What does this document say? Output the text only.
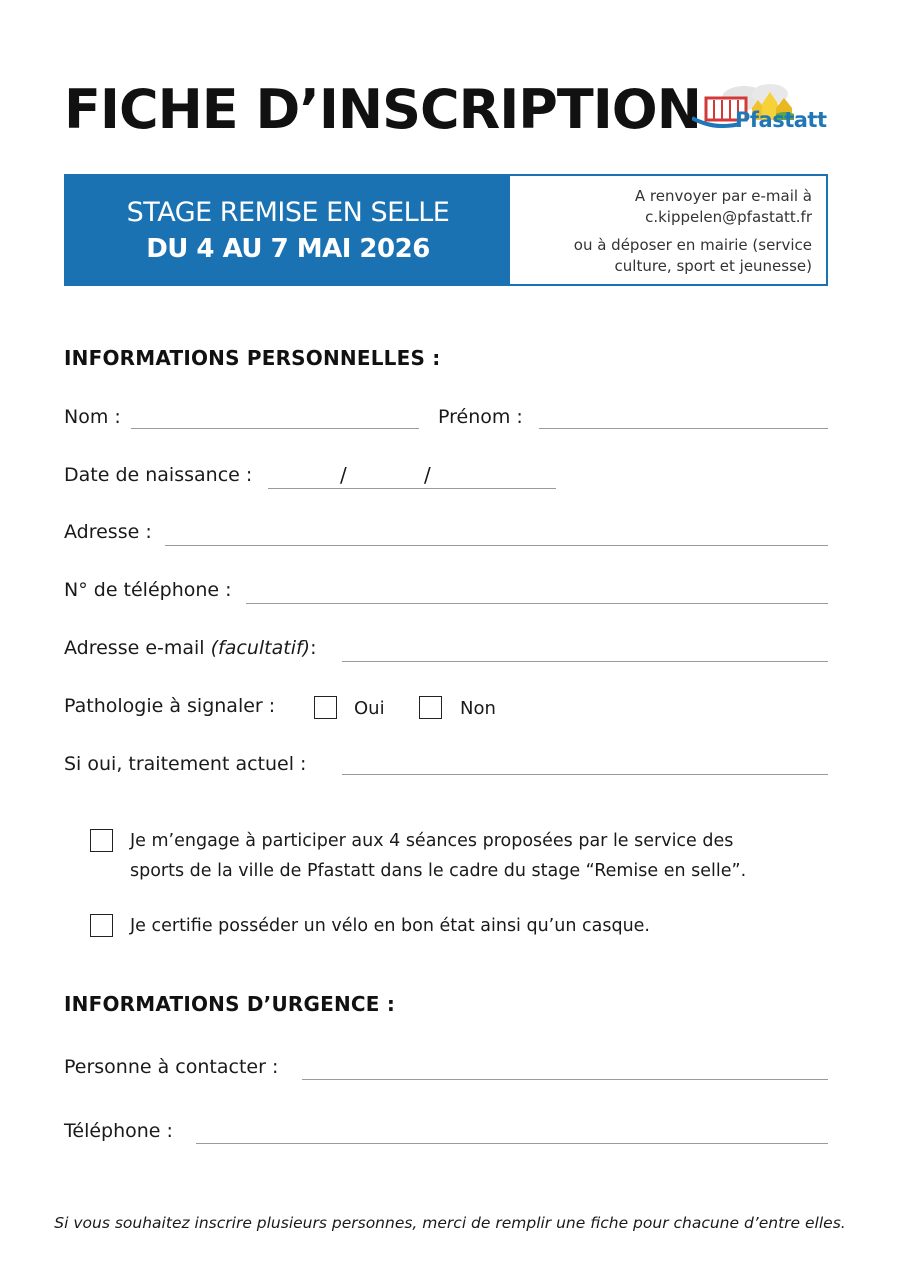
FICHE D’INSCRIPTION Pfastatt
STAGE REMISE EN SELLE
DU 4 AU 7 MAI 2026
A renvoyer par e-mail à
c.kippelen@pfastatt.fr
ou à déposer en mairie (service
culture, sport et jeunesse)
INFORMATIONS PERSONNELLES :
Nom :	Prénom :
Date de naissance :	/	/
Adresse :
N° de téléphone :
Adresse e-mail (facultatif):
Pathologie à signaler :	Oui	Non
Si oui, traitement actuel :
Je m’engage à participer aux 4 séances proposées par le service des
sports de la ville de Pfastatt dans le cadre du stage “Remise en selle”.
Je certifie posséder un vélo en bon état ainsi qu’un casque.
INFORMATIONS D’URGENCE :
Personne à contacter :
Téléphone :
Si vous souhaitez inscrire plusieurs personnes, merci de remplir une fiche pour chacune d’entre elles.
